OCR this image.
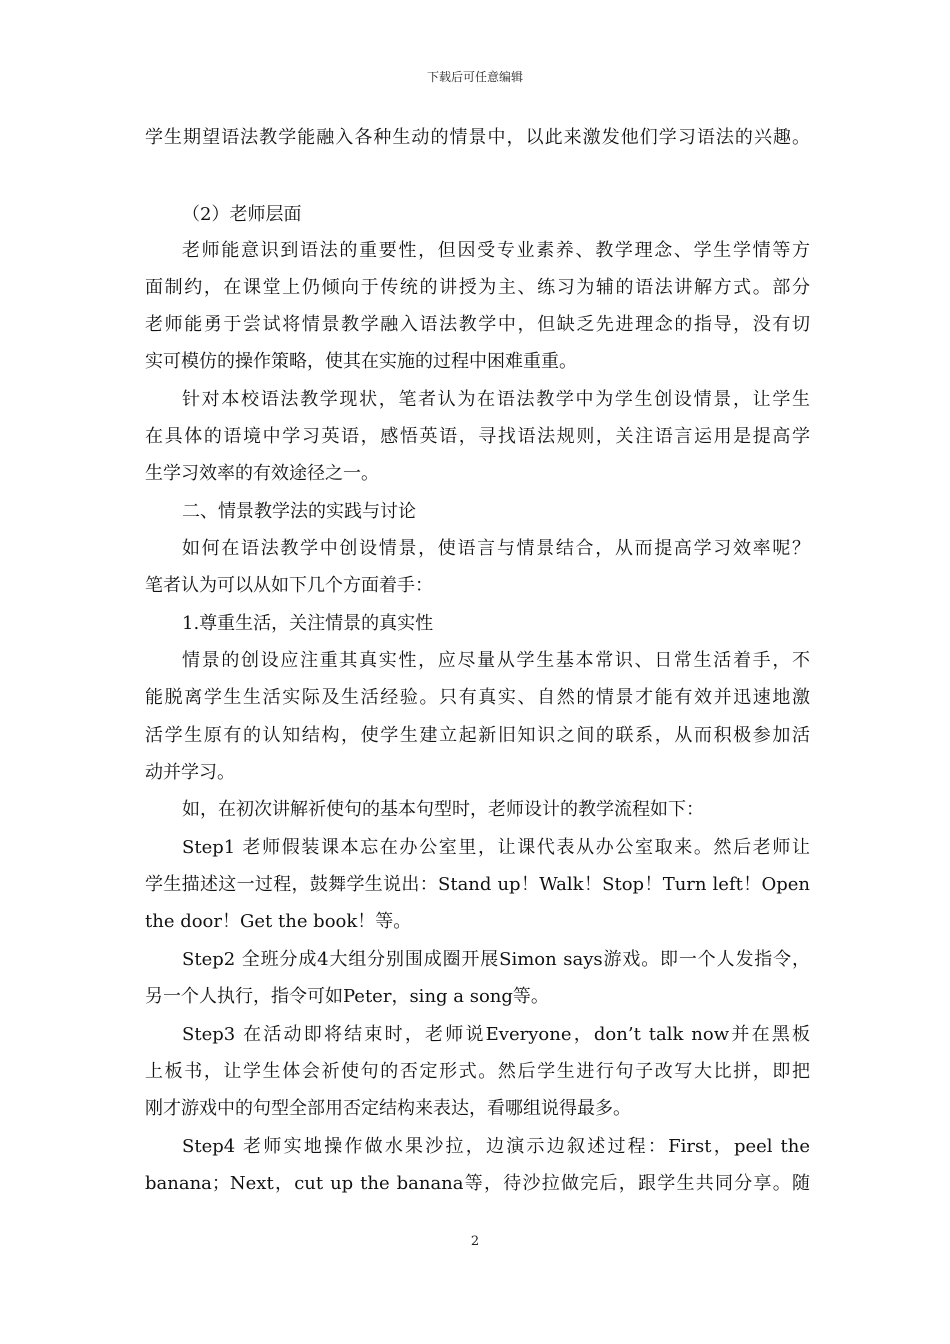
下载后可任意编辑
学生期望语法教学能融入各种生动的情景中，以此来激发他们学习语法的兴趣。
（2）老师层面
老师能意识到语法的重要性，但因受专业素养、教学理念、学生学情等方
面制约，在课堂上仍倾向于传统的讲授为主、练习为辅的语法讲解方式。部分
老师能勇于尝试将情景教学融入语法教学中，但缺乏先进理念的指导，没有切
实可模仿的操作策略，使其在实施的过程中困难重重。
针对本校语法教学现状，笔者认为在语法教学中为学生创设情景，让学生
在具体的语境中学习英语，感悟英语，寻找语法规则，关注语言运用是提高学
生学习效率的有效途径之一。
二、情景教学法的实践与讨论
如何在语法教学中创设情景，使语言与情景结合，从而提高学习效率呢？
笔者认为可以从如下几个方面着手：
1.尊重生活，关注情景的真实性
情景的创设应注重其真实性，应尽量从学生基本常识、日常生活着手，不
能脱离学生生活实际及生活经验。只有真实、自然的情景才能有效并迅速地激
活学生原有的认知结构，使学生建立起新旧知识之间的联系，从而积极参加活
动并学习。
如，在初次讲解祈使句的基本句型时，老师设计的教学流程如下：
Step1 老师假装课本忘在办公室里，让课代表从办公室取来。然后老师让
学生描述这一过程，鼓舞学生说出：Stand up！Walk！Stop！Turn left！Open
the door！Get the book！等。
Step2 全班分成4大组分别围成圈开展Simon says游戏。即一个人发指令，
另一个人执行，指令可如Peter，sing a song等。
Step3 在活动即将结束时，老师说Everyone，don’t talk now并在黑板
上板书，让学生体会祈使句的否定形式。然后学生进行句子改写大比拼，即把
刚才游戏中的句型全部用否定结构来表达，看哪组说得最多。
Step4 老师实地操作做水果沙拉，边演示边叙述过程：First，peel the
banana；Next，cut up the banana等，待沙拉做完后，跟学生共同分享。随
2
